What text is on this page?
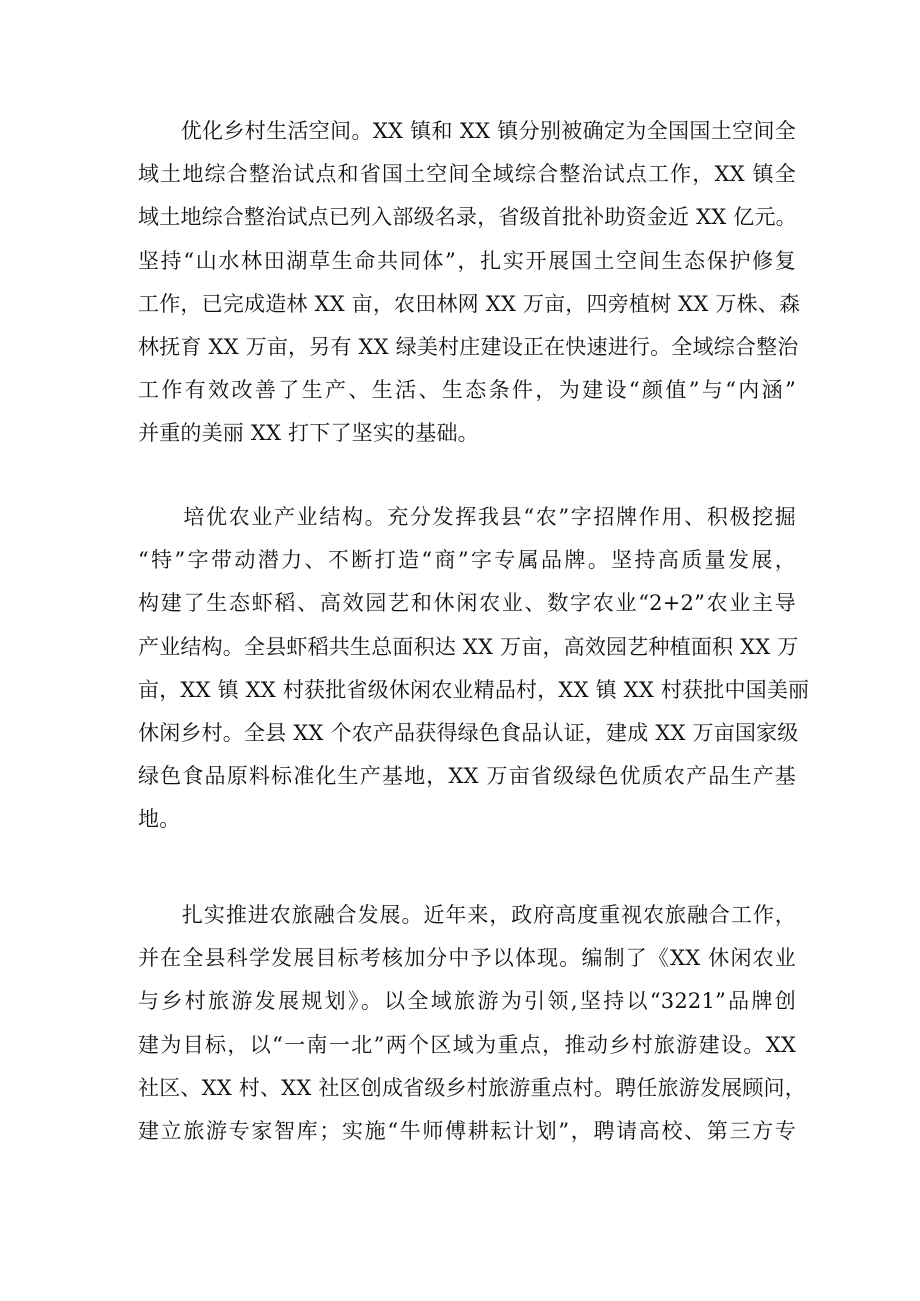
　　优化乡村生活空间。XX 镇和 XX 镇分别被确定为全国国土空间全
域土地综合整治试点和省国土空间全域综合整治试点工作，XX 镇全
域土地综合整治试点已列入部级名录，省级首批补助资金近 XX 亿元。
坚持“山水林田湖草生命共同体”，扎实开展国土空间生态保护修复
工作，已完成造林 XX 亩，农田林网 XX 万亩，四旁植树 XX 万株、森
林抚育 XX 万亩，另有 XX 绿美村庄建设正在快速进行。全域综合整治
工作有效改善了生产、生活、生态条件，为建设“颜值”与“内涵”
并重的美丽 XX 打下了坚实的基础。
　　培优农业产业结构。充分发挥我县“农”字招牌作用、积极挖掘
“特”字带动潜力、不断打造“商”字专属品牌。坚持高质量发展，
构建了生态虾稻、高效园艺和休闲农业、数字农业“2+2”农业主导
产业结构。全县虾稻共生总面积达 XX 万亩，高效园艺种植面积 XX 万
亩，XX 镇 XX 村获批省级休闲农业精品村，XX 镇 XX 村获批中国美丽
休闲乡村。全县 XX 个农产品获得绿色食品认证，建成 XX 万亩国家级
绿色食品原料标准化生产基地，XX 万亩省级绿色优质农产品生产基
地。
　　扎实推进农旅融合发展。近年来，政府高度重视农旅融合工作，
并在全县科学发展目标考核加分中予以体现。编制了《XX 休闲农业
与乡村旅游发展规划》。以全域旅游为引领,坚持以“3221”品牌创
建为目标，以“一南一北”两个区域为重点，推动乡村旅游建设。XX
社区、XX 村、XX 社区创成省级乡村旅游重点村。聘任旅游发展顾问，
建立旅游专家智库；实施“牛师傅耕耘计划”，聘请高校、第三方专
